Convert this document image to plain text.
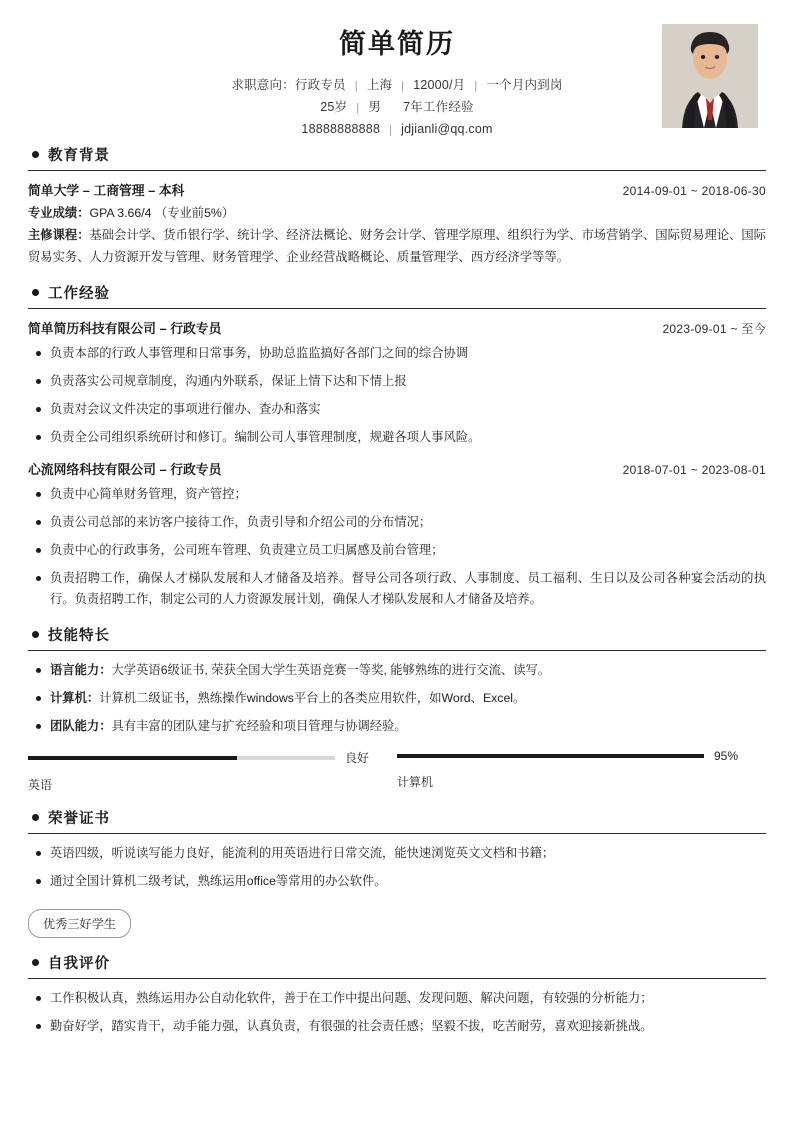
简单简历
求职意向：行政专员 | 上海 | 12000/月 | 一个月内到岗
25岁 | 男 7年工作经验
18888888888 | jdjianli@qq.com
教育背景
简单大学 – 工商管理 – 本科	2014-09-01 ~ 2018-06-30
专业成绩：GPA 3.66/4 （专业前5%）
主修课程：基础会计学、货币银行学、统计学、经济法概论、财务会计学、管理学原理、组织行为学、市场营销学、国际贸易理论、国际贸易实务、人力资源开发与管理、财务管理学、企业经营战略概论、质量管理学、西方经济学等等。
工作经验
简单简历科技有限公司 – 行政专员	2023-09-01 ~ 至今
负责本部的行政人事管理和日常事务，协助总监监搞好各部门之间的综合协调
负责落实公司规章制度，沟通内外联系，保证上情下达和下情上报
负责对会议文件决定的事项进行催办、查办和落实
负责全公司组织系统研讨和修订。编制公司人事管理制度，规避各项人事风险。
心流网络科技有限公司 – 行政专员	2018-07-01 ~ 2023-08-01
负责中心简单财务管理，资产管控；
负责公司总部的来访客户接待工作，负责引导和介绍公司的分布情况；
负责中心的行政事务，公司班车管理、负责建立员工归属感及前台管理；
负责招聘工作，确保人才梯队发展和人才储备及培养。督导公司各项行政、人事制度、员工福利、生日以及公司各种宴会活动的执行。负责招聘工作，制定公司的人力资源发展计划，确保人才梯队发展和人才储备及培养。
技能特长
语言能力：大学英语6级证书, 荣获全国大学生英语竞赛一等奖, 能够熟练的进行交流、读写。
计算机：计算机二级证书，熟练操作windows平台上的各类应用软件，如Word、Excel。
团队能力：具有丰富的团队建与扩充经验和项目管理与协调经验。
良好
英语
95%
计算机
荣誉证书
英语四级，听说读写能力良好，能流利的用英语进行日常交流，能快速浏览英文文档和书籍；
通过全国计算机二级考试，熟练运用office等常用的办公软件。
优秀三好学生
自我评价
工作积极认真，熟练运用办公自动化软件，善于在工作中提出问题、发现问题、解决问题，有较强的分析能力；
勤奋好学，踏实肯干，动手能力强，认真负责，有很强的社会责任感；坚毅不拔，吃苦耐劳，喜欢迎接新挑战。
